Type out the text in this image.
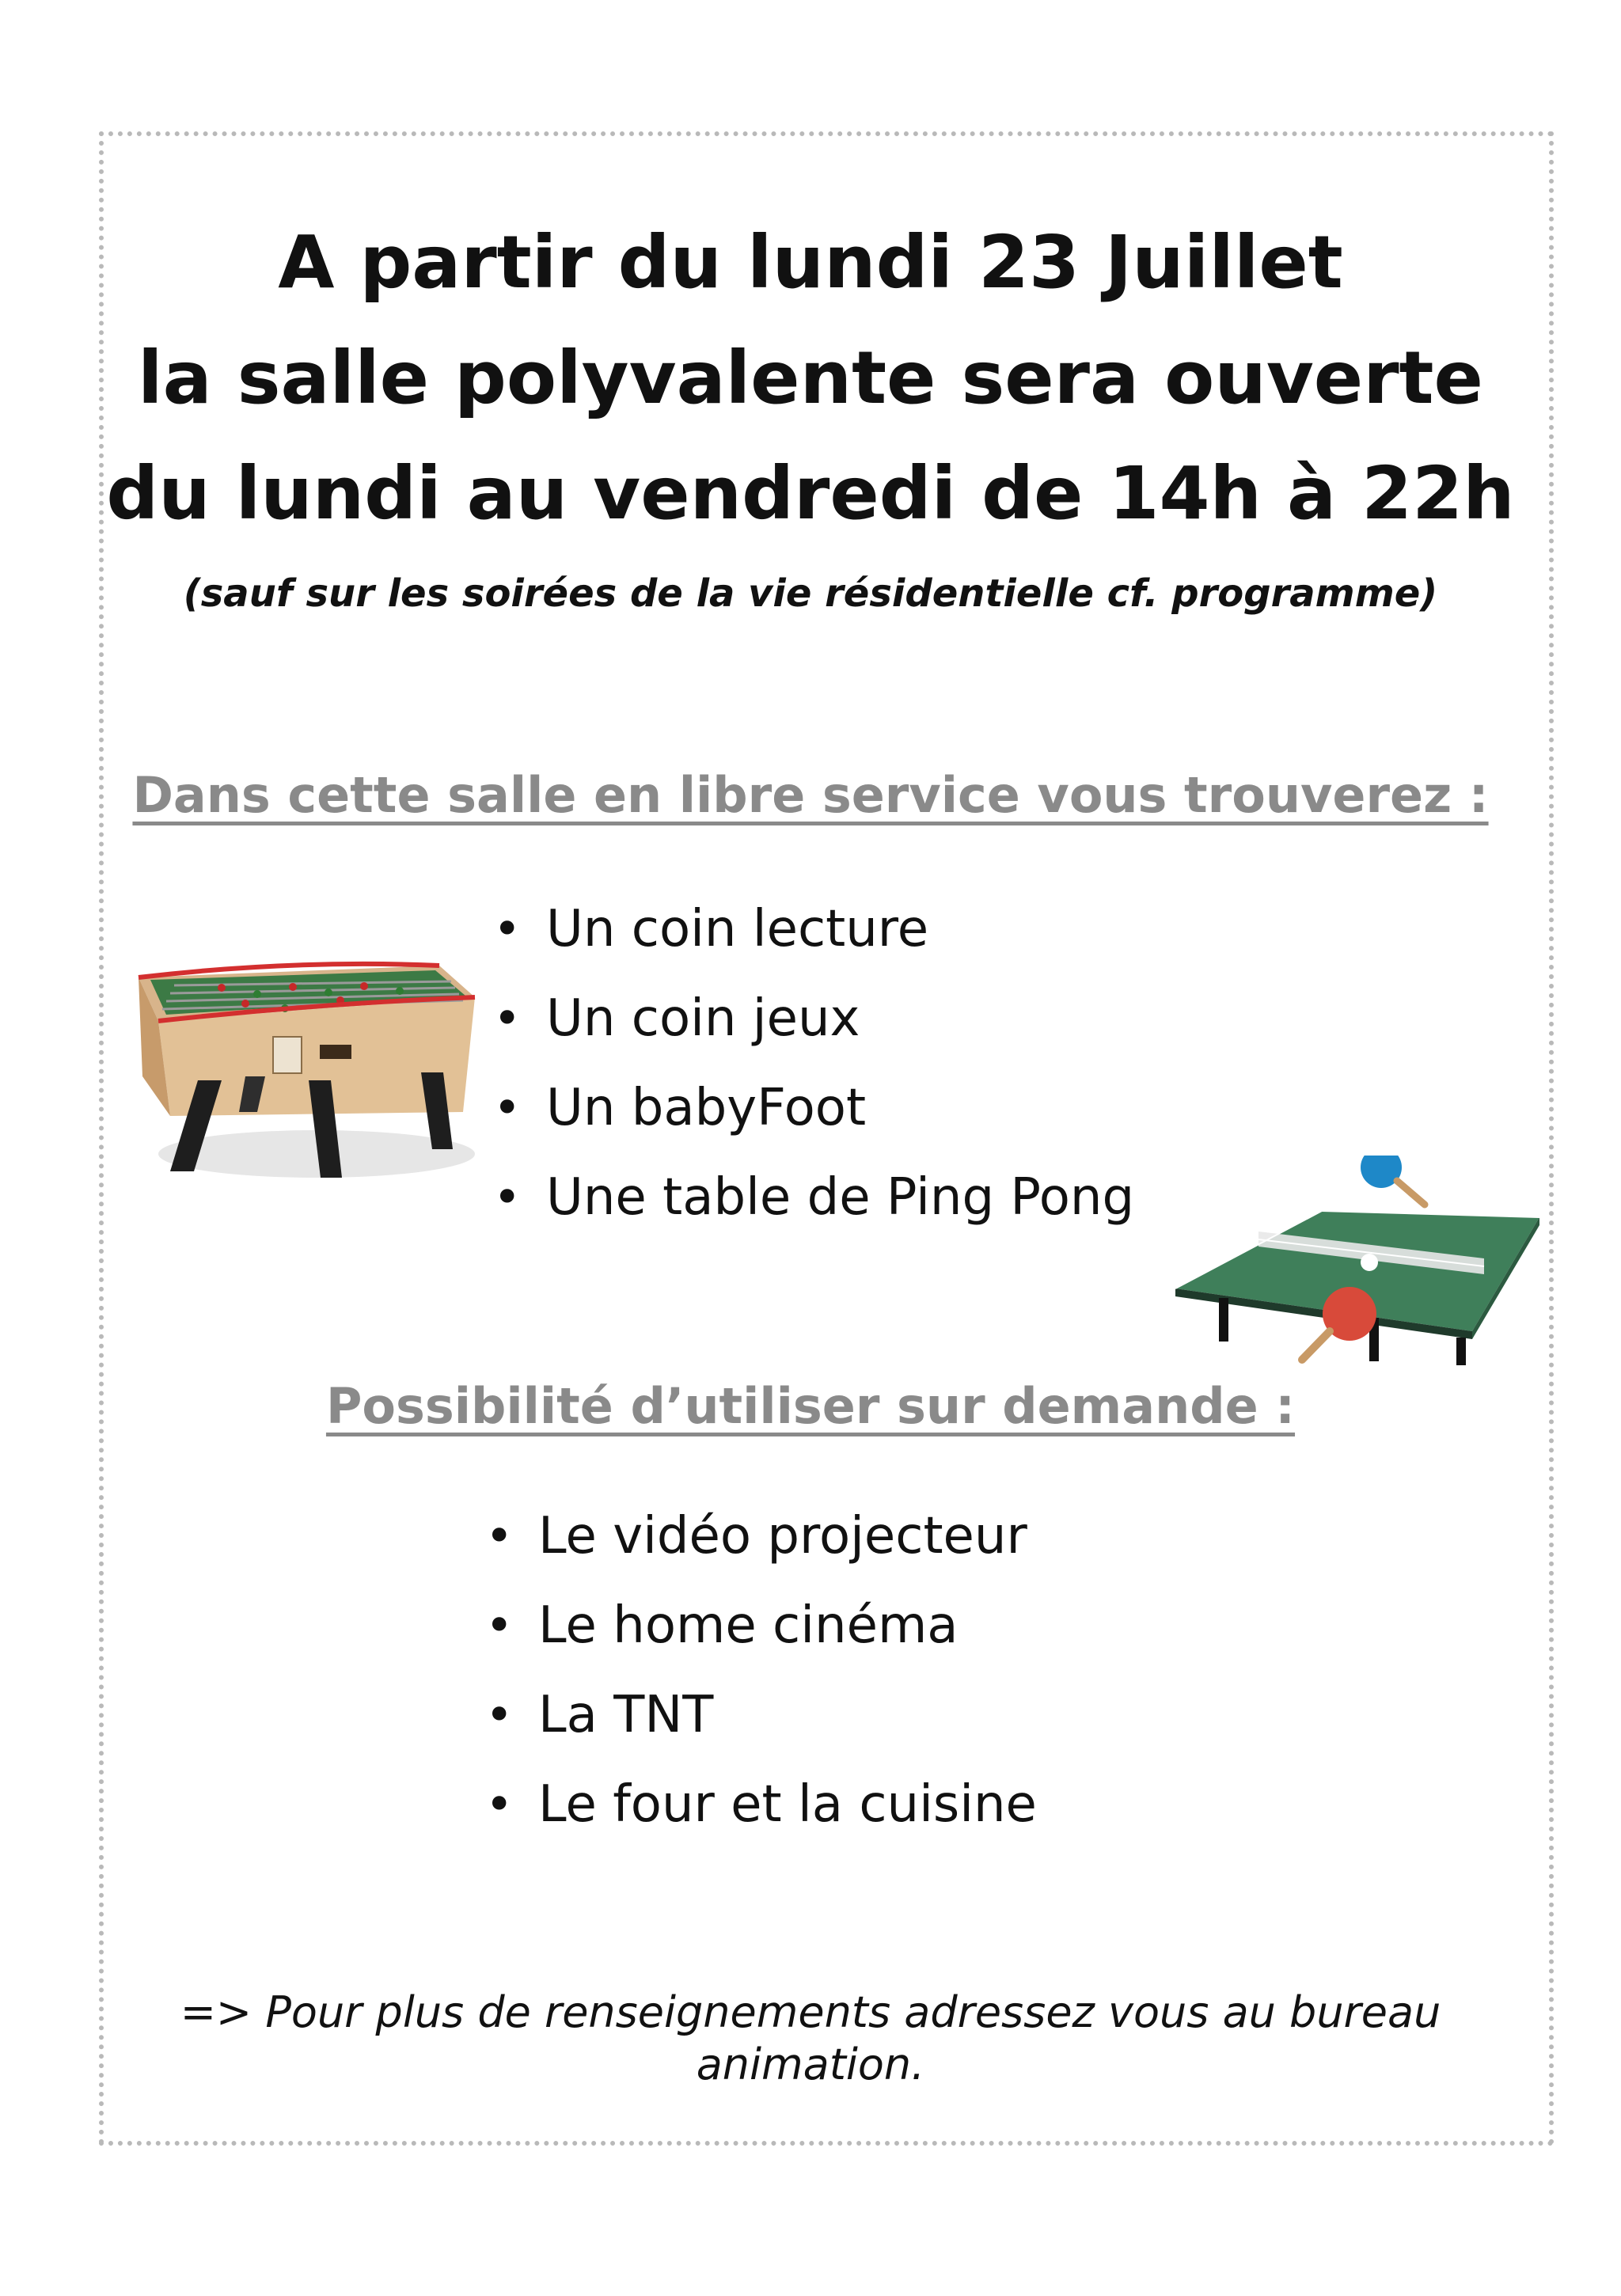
A partir du lundi 23 Juillet
la salle polyvalente sera ouverte
du lundi au vendredi de 14h à 22h

(sauf sur les soirées de la vie résidentielle cf. programme)

Dans cette salle en libre service vous trouverez :
• Un coin lecture
• Un coin jeux
• Un babyFoot
• Une table de Ping Pong
Possibilité d’utiliser sur demande :
• Le vidéo projecteur
• Le home cinéma
• La TNT
• Le four et la cuisine

=> Pour plus de renseignements adressez vous au bureau
animation.
